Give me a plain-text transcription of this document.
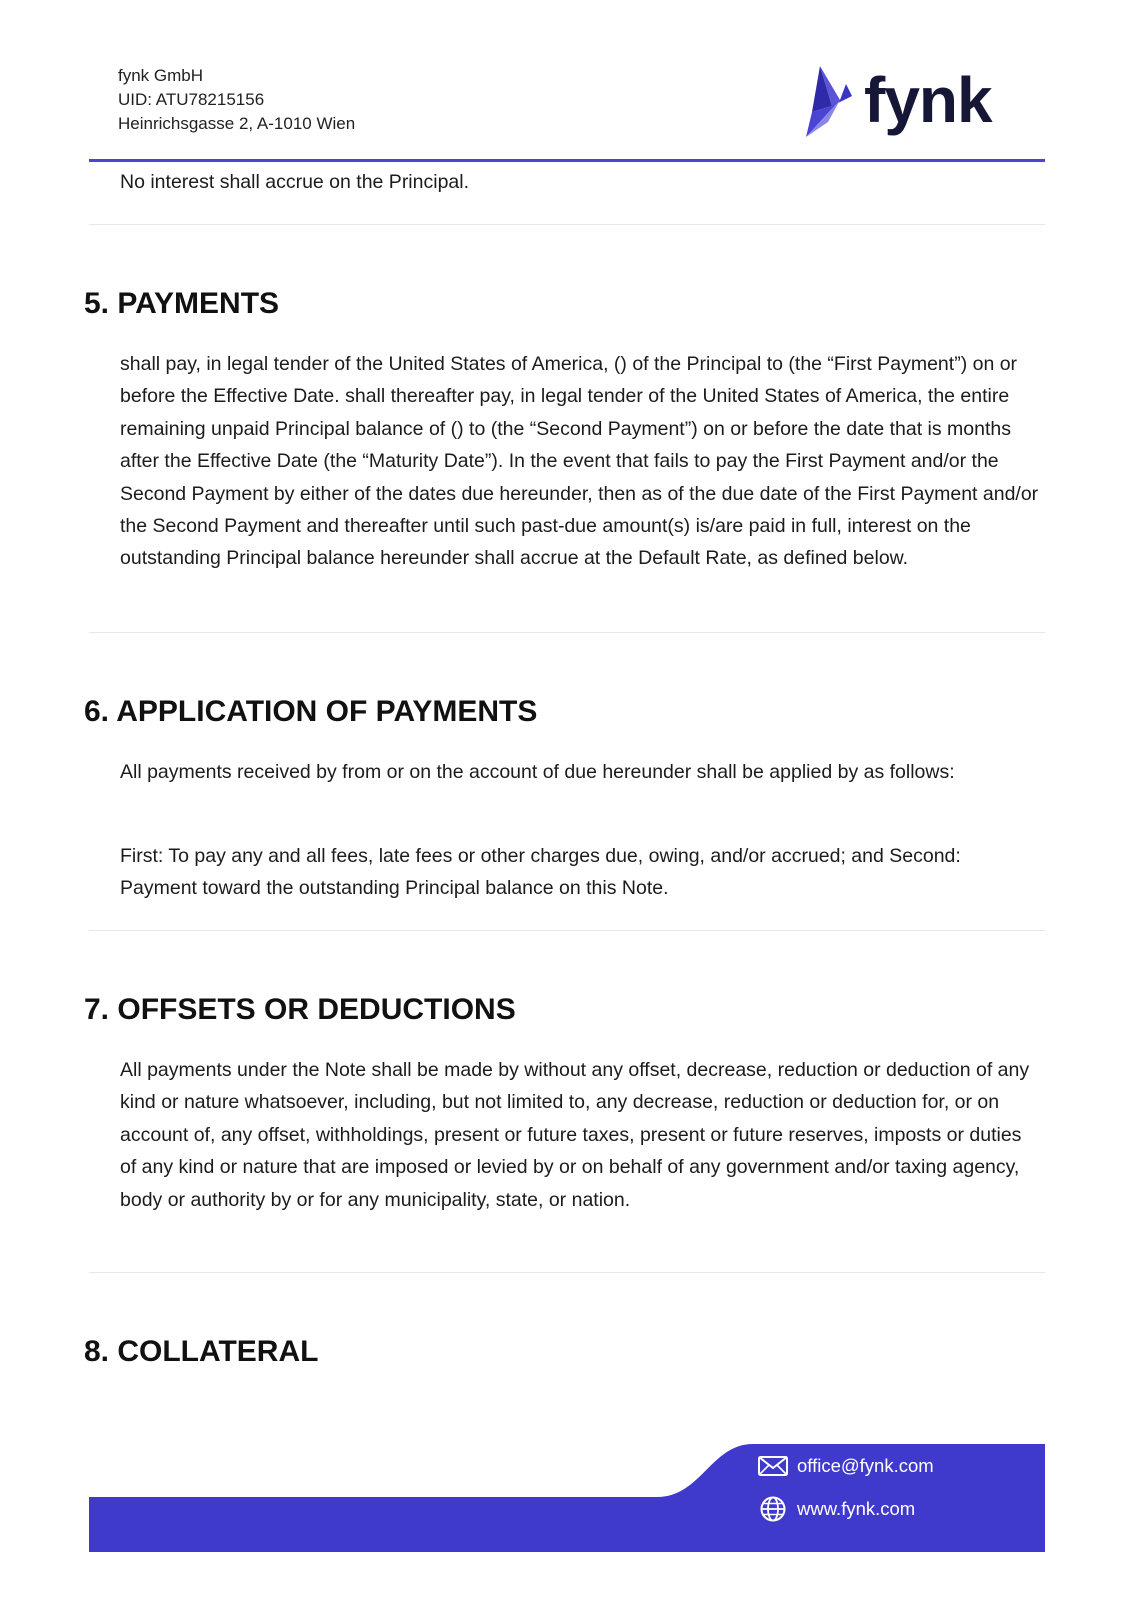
fynk GmbH
UID: ATU78215156
Heinrichsgasse 2, A-1010 Wien	fynk

No interest shall accrue on the Principal.

5. PAYMENTS

shall pay, in legal tender of the United States of America, () of the Principal to (the “First Payment”) on or before the Effective Date. shall thereafter pay, in legal tender of the United States of America, the entire remaining unpaid Principal balance of () to (the “Second Payment”) on or before the date that is months after the Effective Date (the “Maturity Date”). In the event that fails to pay the First Payment and/or the Second Payment by either of the dates due hereunder, then as of the due date of the First Payment and/or the Second Payment and thereafter until such past-due amount(s) is/are paid in full, interest on the outstanding Principal balance hereunder shall accrue at the Default Rate, as defined below.

6. APPLICATION OF PAYMENTS

All payments received by from or on the account of due hereunder shall be applied by as follows:

First: To pay any and all fees, late fees or other charges due, owing, and/or accrued; and Second: Payment toward the outstanding Principal balance on this Note.

7. OFFSETS OR DEDUCTIONS

All payments under the Note shall be made by without any offset, decrease, reduction or deduction of any kind or nature whatsoever, including, but not limited to, any decrease, reduction or deduction for, or on account of, any offset, withholdings, present or future taxes, present or future reserves, imposts or duties of any kind or nature that are imposed or levied by or on behalf of any government and/or taxing agency, body or authority by or for any municipality, state, or nation.

8. COLLATERAL
office@fynk.com
www.fynk.com
